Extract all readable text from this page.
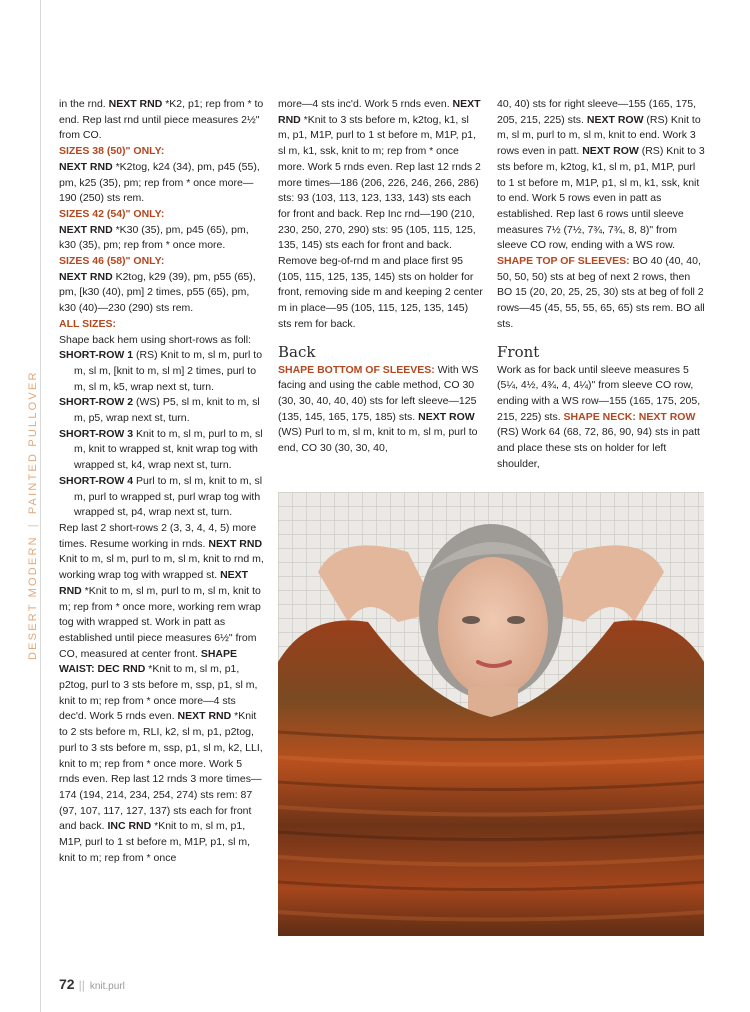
DESERT MODERN|PAINTED PULLOVER

in the rnd. NEXT RND *K2, p1; rep from * to end. Rep last rnd until piece measures 2½" from CO.

SIZES 38 (50)" ONLY:

NEXT RND *K2tog, k24 (34), pm, p45 (55), pm, k25 (35), pm; rep from * once more—190 (250) sts rem.

SIZES 42 (54)" ONLY:

NEXT RND *K30 (35), pm, p45 (65), pm, k30 (35), pm; rep from * once more.

SIZES 46 (58)" ONLY:

NEXT RND K2tog, k29 (39), pm, p55 (65), pm, [k30 (40), pm] 2 times, p55 (65), pm, k30 (40)—230 (290) sts rem.

ALL SIZES:

Shape back hem using short-rows as foll:

SHORT-ROW 1 (RS) Knit to m, sl m, purl to m, sl m, [knit to m, sl m] 2 times, purl to m, sl m, k5, wrap next st, turn.

SHORT-ROW 2 (WS) P5, sl m, knit to m, sl m, p5, wrap next st, turn.

SHORT-ROW 3 Knit to m, sl m, purl to m, sl m, knit to wrapped st, knit wrap tog with wrapped st, k4, wrap next st, turn.

SHORT-ROW 4 Purl to m, sl m, knit to m, sl m, purl to wrapped st, purl wrap tog with wrapped st, p4, wrap next st, turn.

Rep last 2 short-rows 2 (3, 3, 4, 4, 5) more times. Resume working in rnds. NEXT RND Knit to m, sl m, purl to m, sl m, knit to rnd m, working wrap tog with wrapped st. NEXT RND *Knit to m, sl m, purl to m, sl m, knit to m; rep from * once more, working rem wrap tog with wrapped st. Work in patt as established until piece measures 6½" from CO, measured at center front. SHAPE WAIST: DEC RND *Knit to m, sl m, p1, p2tog, purl to 3 sts before m, ssp, p1, sl m, knit to m; rep from * once more—4 sts dec'd. Work 5 rnds even. NEXT RND *Knit to 2 sts before m, RLI, k2, sl m, p1, p2tog, purl to 3 sts before m, ssp, p1, sl m, k2, LLI, knit to m; rep from * once more. Work 5 rnds even. Rep last 12 rnds 3 more times—174 (194, 214, 234, 254, 274) sts rem: 87 (97, 107, 117, 127, 137) sts each for front and back. INC RND *Knit to m, sl m, p1, M1P, purl to 1 st before m, M1P, p1, sl m, knit to m; rep from * once

more—4 sts inc'd. Work 5 rnds even. NEXT RND *Knit to 3 sts before m, k2tog, k1, sl m, p1, M1P, purl to 1 st before m, M1P, p1, sl m, k1, ssk, knit to m; rep from * once more. Work 5 rnds even. Rep last 12 rnds 2 more times—186 (206, 226, 246, 266, 286) sts: 93 (103, 113, 123, 133, 143) sts each for front and back. Rep Inc rnd—190 (210, 230, 250, 270, 290) sts: 95 (105, 115, 125, 135, 145) sts each for front and back. Remove beg-of-rnd m and place first 95 (105, 115, 125, 135, 145) sts on holder for front, removing side m and keeping 2 center m in place—95 (105, 115, 125, 135, 145) sts rem for back.

Back

SHAPE BOTTOM OF SLEEVES: With WS facing and using the cable method, CO 30 (30, 30, 40, 40, 40) sts for left sleeve—125 (135, 145, 165, 175, 185) sts. NEXT ROW (WS) Purl to m, sl m, knit to m, sl m, purl to end, CO 30 (30, 30, 40,

40, 40) sts for right sleeve—155 (165, 175, 205, 215, 225) sts. NEXT ROW (RS) Knit to m, sl m, purl to m, sl m, knit to end. Work 3 rows even in patt. NEXT ROW (RS) Knit to 3 sts before m, k2tog, k1, sl m, p1, M1P, purl to 1 st before m, M1P, p1, sl m, k1, ssk, knit to end. Work 5 rows even in patt as established. Rep last 6 rows until sleeve measures 7½ (7½, 7¾, 7¾, 8, 8)" from sleeve CO row, ending with a WS row. SHAPE TOP OF SLEEVES: BO 40 (40, 40, 50, 50, 50) sts at beg of next 2 rows, then BO 15 (20, 20, 25, 25, 30) sts at beg of foll 2 rows—45 (45, 55, 55, 65, 65) sts rem. BO all sts.

Front

Work as for back until sleeve measures 5 (5¼, 4½, 4¾, 4, 4¼)" from sleeve CO row, ending with a WS row—155 (165, 175, 205, 215, 225) sts. SHAPE NECK: NEXT ROW (RS) Work 64 (68, 72, 86, 90, 94) sts in patt and place these sts on holder for left shoulder,

72 || knit.purl
